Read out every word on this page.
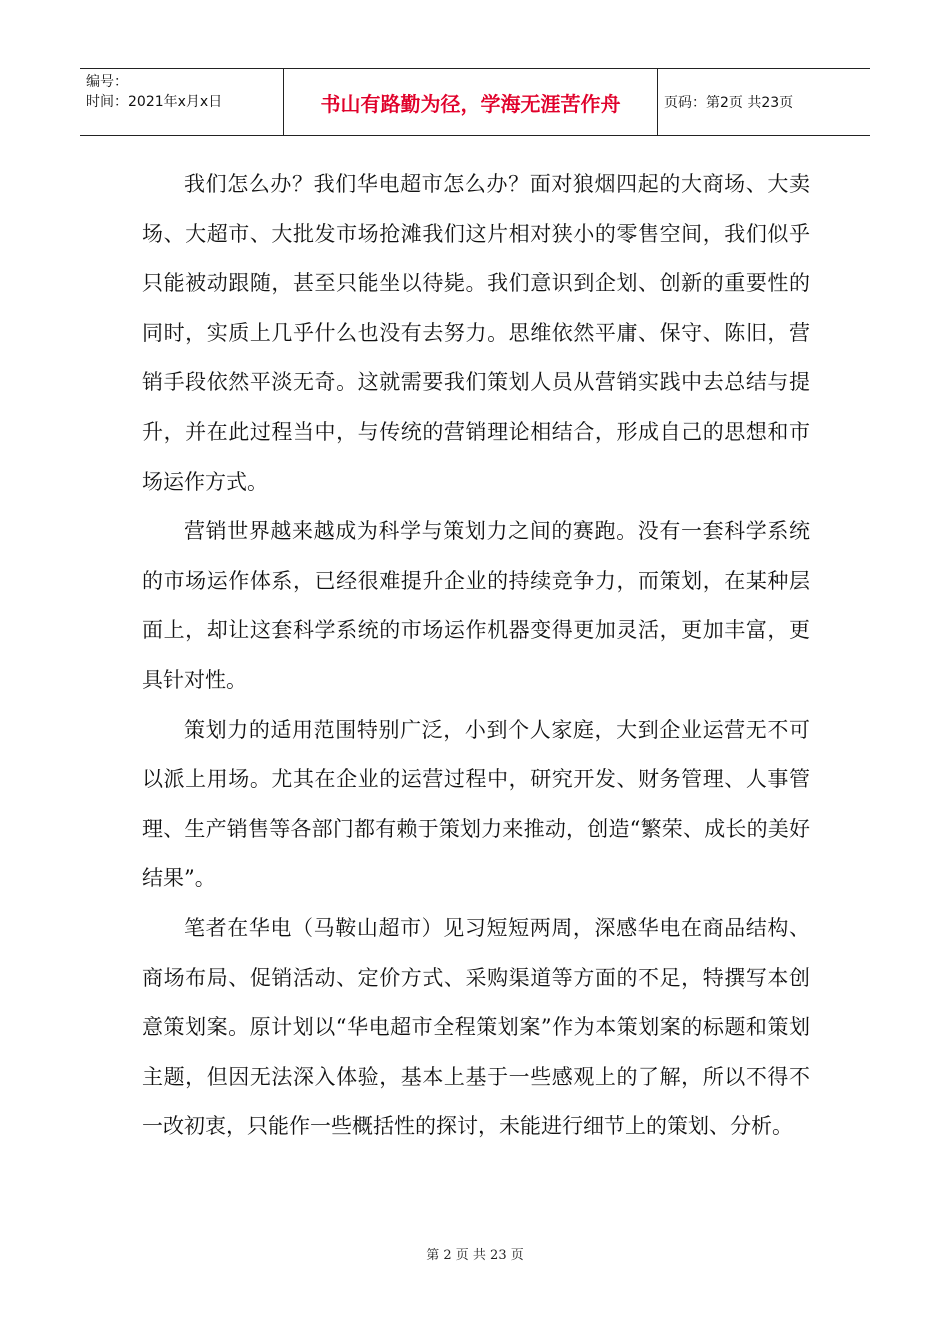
编号：
时间：2021年x月x日	书山有路勤为径，学海无涯苦作舟	页码：第2页 共23页

我们怎么办？我们华电超市怎么办？面对狼烟四起的大商场、大卖场、大超市、大批发市场抢滩我们这片相对狭小的零售空间，我们似乎只能被动跟随，甚至只能坐以待毙。我们意识到企划、创新的重要性的同时，实质上几乎什么也没有去努力。思维依然平庸、保守、陈旧，营销手段依然平淡无奇。这就需要我们策划人员从营销实践中去总结与提升，并在此过程当中，与传统的营销理论相结合，形成自己的思想和市场运作方式。

营销世界越来越成为科学与策划力之间的赛跑。没有一套科学系统的市场运作体系，已经很难提升企业的持续竞争力，而策划，在某种层面上，却让这套科学系统的市场运作机器变得更加灵活，更加丰富，更具针对性。

策划力的适用范围特别广泛，小到个人家庭，大到企业运营无不可以派上用场。尤其在企业的运营过程中，研究开发、财务管理、人事管理、生产销售等各部门都有赖于策划力来推动，创造“繁荣、成长的美好结果”。

笔者在华电（马鞍山超市）见习短短两周，深感华电在商品结构、商场布局、促销活动、定价方式、采购渠道等方面的不足，特撰写本创意策划案。原计划以“华电超市全程策划案”作为本策划案的标题和策划主题，但因无法深入体验，基本上基于一些感观上的了解，所以不得不一改初衷，只能作一些概括性的探讨，未能进行细节上的策划、分析。

第 2 页 共 23 页
